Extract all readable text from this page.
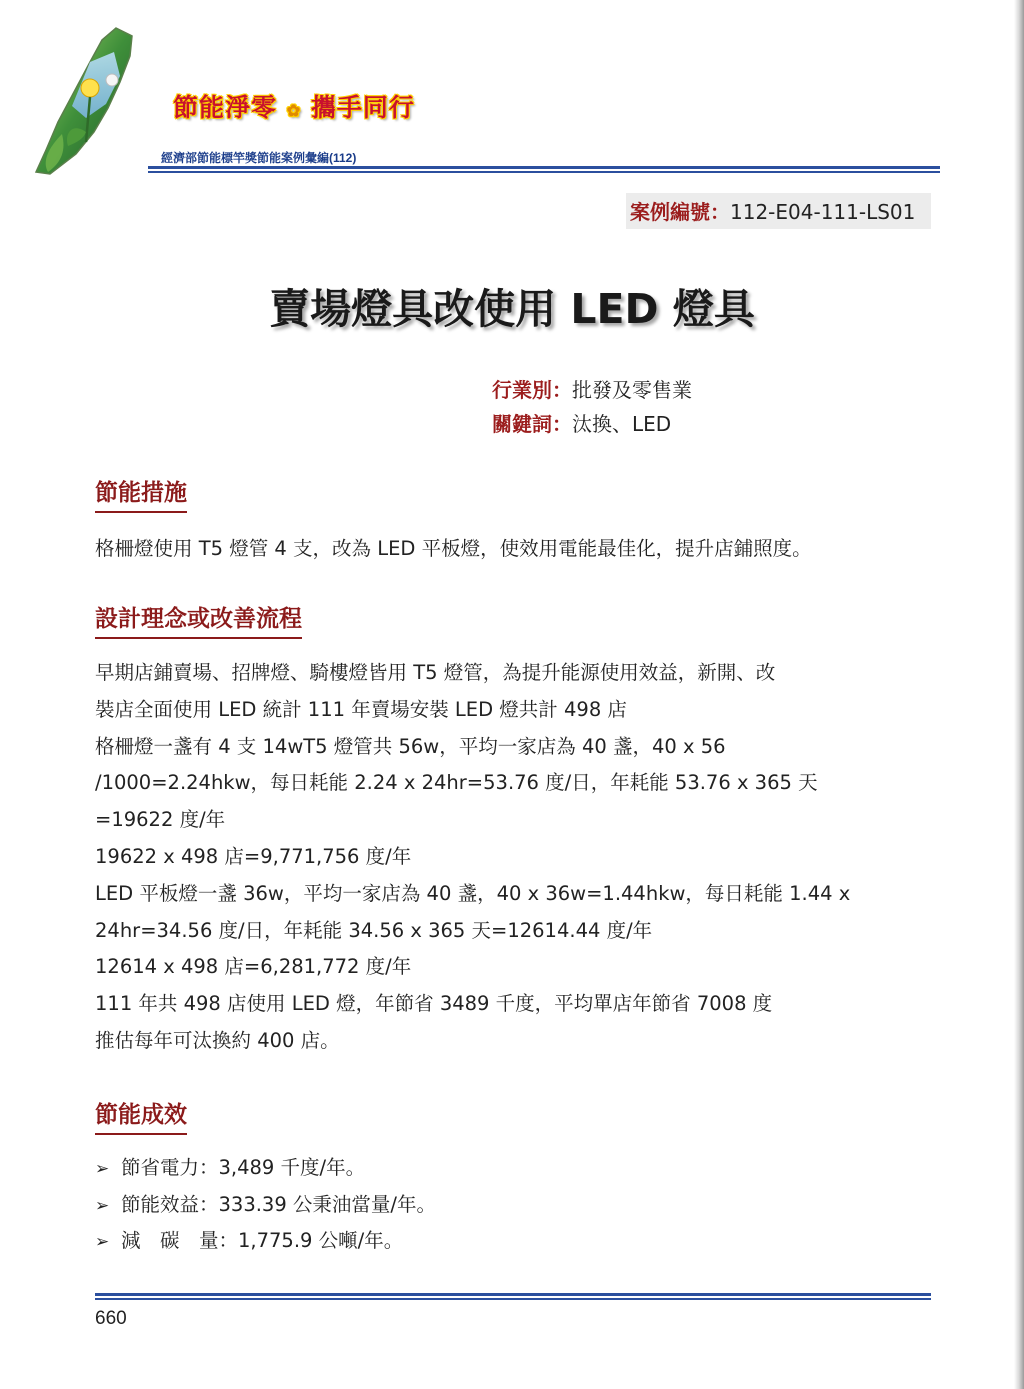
節能淨零 ✿ 攜手同行
經濟部節能標竿獎節能案例彙編(112)
案例編號：112-E04-111-LS01
賣場燈具改使用 LED 燈具
行業別：批發及零售業
關鍵詞：汰換、LED
節能措施
格柵燈使用 T5 燈管 4 支，改為 LED 平板燈，使效用電能最佳化，提升店鋪照度。
設計理念或改善流程
早期店鋪賣場、招牌燈、騎樓燈皆用 T5 燈管，為提升能源使用效益，新開、改
裝店全面使用 LED 統計 111 年賣場安裝 LED 燈共計 498 店
格柵燈一盞有 4 支 14wT5 燈管共 56w，平均一家店為 40 盞，40 x 56
/1000=2.24hkw，每日耗能 2.24 x 24hr=53.76 度/日，年耗能 53.76 x 365 天
=19622 度/年
19622 x 498 店=9,771,756 度/年
LED 平板燈一盞 36w，平均一家店為 40 盞，40 x 36w=1.44hkw，每日耗能 1.44 x
24hr=34.56 度/日，年耗能 34.56 x 365 天=12614.44 度/年
12614 x 498 店=6,281,772 度/年
111 年共 498 店使用 LED 燈，年節省 3489 千度，平均單店年節省 7008 度
推估每年可汰換約 400 店。
節能成效
➢ 節省電力：3,489 千度/年。
➢ 節能效益：333.39 公秉油當量/年。
➢ 減　碳　量：1,775.9 公噸/年。
660
